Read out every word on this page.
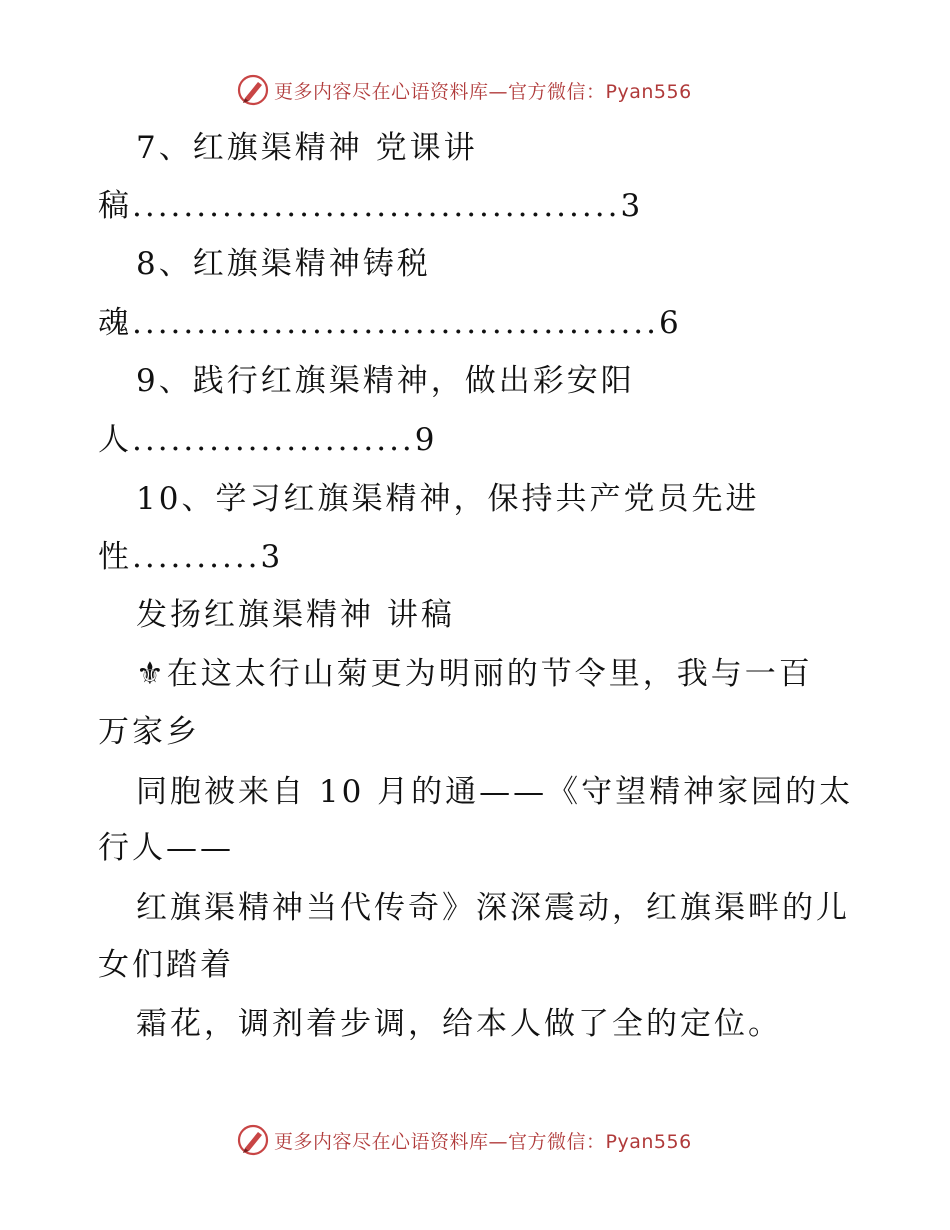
更多内容尽在心语资料库—官方微信：Pyan556
7、红旗渠精神 党课讲
稿......................................3
8、红旗渠精神铸税
魂.........................................6
9、践行红旗渠精神，做出彩安阳
人......................9
10、学习红旗渠精神，保持共产党员先进
性..........3
发扬红旗渠精神 讲稿
⚜在这太行山菊更为明丽的节令里，我与一百
万家乡
同胞被来自 10 月的通——《守望精神家园的太
行人——
红旗渠精神当代传奇》深深震动，红旗渠畔的儿
女们踏着
霜花，调剂着步调，给本人做了全的定位。
更多内容尽在心语资料库—官方微信：Pyan556
